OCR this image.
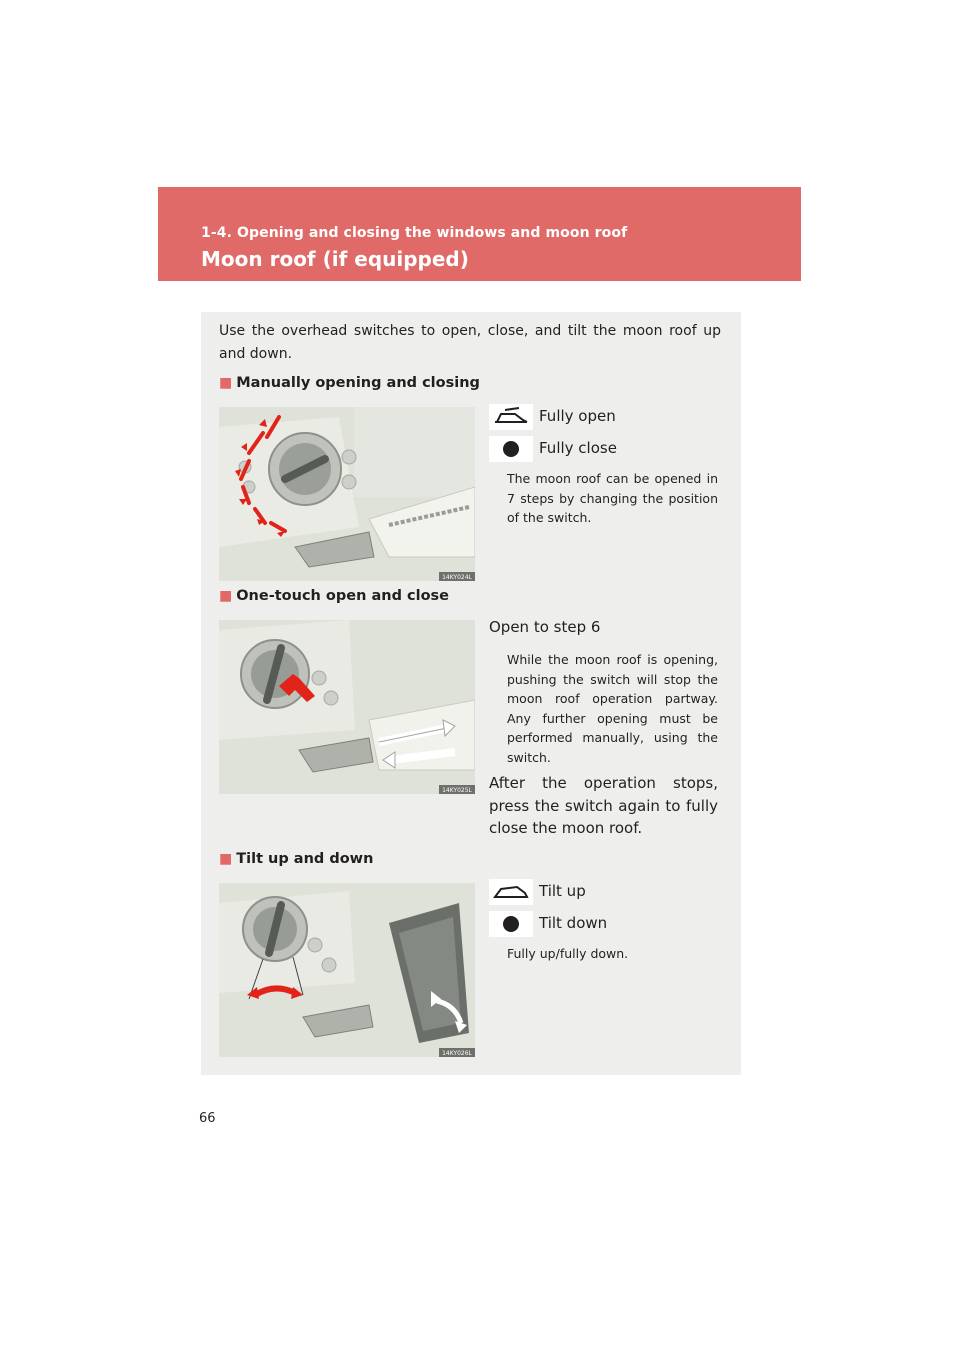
1-4. Opening and closing the windows and moon roof
Moon roof (if equipped)
Use the overhead switches to open, close, and tilt the moon roof up and down.
■ Manually opening and closing
14KY024L
Fully open
Fully close
The moon roof can be opened in 7 steps by changing the position of the switch.
■ One-touch open and close
14KY025L
Open to step 6
While the moon roof is opening, pushing the switch will stop the moon roof operation partway. Any further opening must be performed manually, using the switch.
After the operation stops, press the switch again to fully close the moon roof.
■ Tilt up and down
14KY026L
Tilt up
Tilt down
Fully up/fully down.
66
